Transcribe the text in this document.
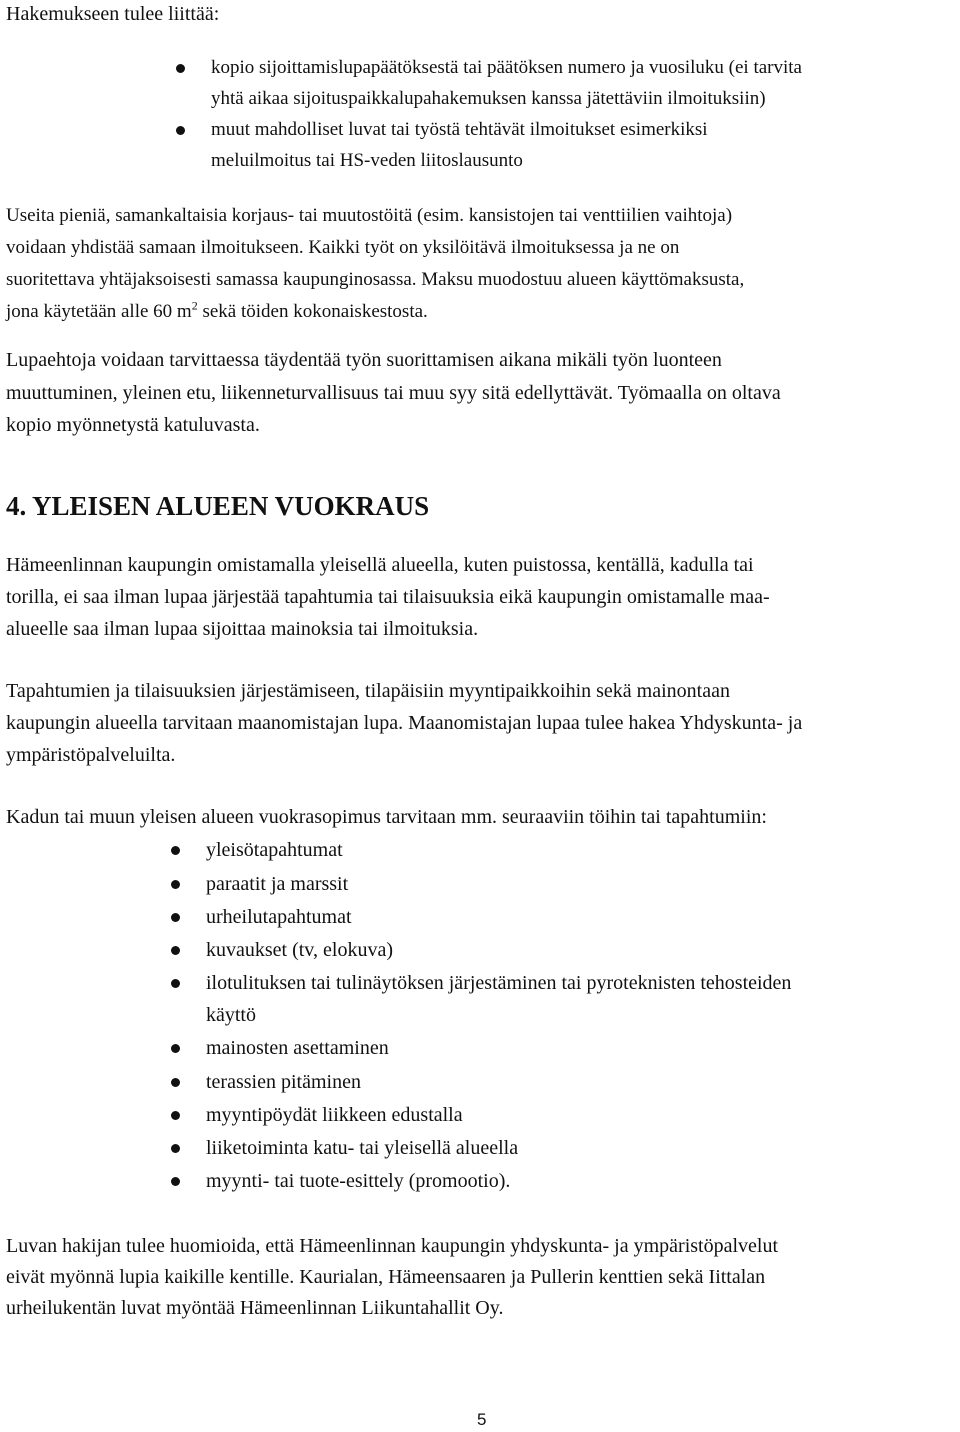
Hakemukseen tulee liittää:
kopio sijoittamislupapäätöksestä tai päätöksen numero ja vuosiluku (ei tarvita
yhtä aikaa sijoituspaikkalupahakemuksen kanssa jätettäviin ilmoituksiin)
muut mahdolliset luvat tai työstä tehtävät ilmoitukset esimerkiksi
meluilmoitus tai HS-veden liitoslausunto
Useita pieniä, samankaltaisia korjaus- tai muutostöitä (esim. kansistojen tai venttiilien vaihtoja)
voidaan yhdistää samaan ilmoitukseen. Kaikki työt on yksilöitävä ilmoituksessa ja ne on
suoritettava yhtäjaksoisesti samassa kaupunginosassa. Maksu muodostuu alueen käyttömaksusta,
jona käytetään alle 60 $m^2$ sekä töiden kokonaiskestosta.
Lupaehtoja voidaan tarvittaessa täydentää työn suorittamisen aikana mikäli työn luonteen
muuttuminen, yleinen etu, liikenneturvallisuus tai muu syy sitä edellyttävät. Työmaalla on oltava
kopio myönnetystä katuluvasta.
4. YLEISEN ALUEEN VUOKRAUS
Hämeenlinnan kaupungin omistamalla yleisellä alueella, kuten puistossa, kentällä, kadulla tai
torilla, ei saa ilman lupaa järjestää tapahtumia tai tilaisuuksia eikä kaupungin omistamalle maa-
alueelle saa ilman lupaa sijoittaa mainoksia tai ilmoituksia.
Tapahtumien ja tilaisuuksien järjestämiseen, tilapäisiin myyntipaikkoihin sekä mainontaan
kaupungin alueella tarvitaan maanomistajan lupa. Maanomistajan lupaa tulee hakea Yhdyskunta- ja
ympäristöpalveluilta.
Kadun tai muun yleisen alueen vuokrasopimus tarvitaan mm. seuraaviin töihin tai tapahtumiin:
yleisötapahtumat
paraatit ja marssit
urheilutapahtumat
kuvaukset (tv, elokuva)
ilotulituksen tai tulinäytöksen järjestäminen tai pyroteknisten tehosteiden
käyttö
mainosten asettaminen
terassien pitäminen
myyntipöydät liikkeen edustalla
liiketoiminta katu- tai yleisellä alueella
myynti- tai tuote-esittely (promootio).
Luvan hakijan tulee huomioida, että Hämeenlinnan kaupungin yhdyskunta- ja ympäristöpalvelut
eivät myönnä lupia kaikille kentille. Kaurialan, Hämeensaaren ja Pullerin kenttien sekä Iittalan
urheilukentän luvat myöntää Hämeenlinnan Liikuntahallit Oy.
5
